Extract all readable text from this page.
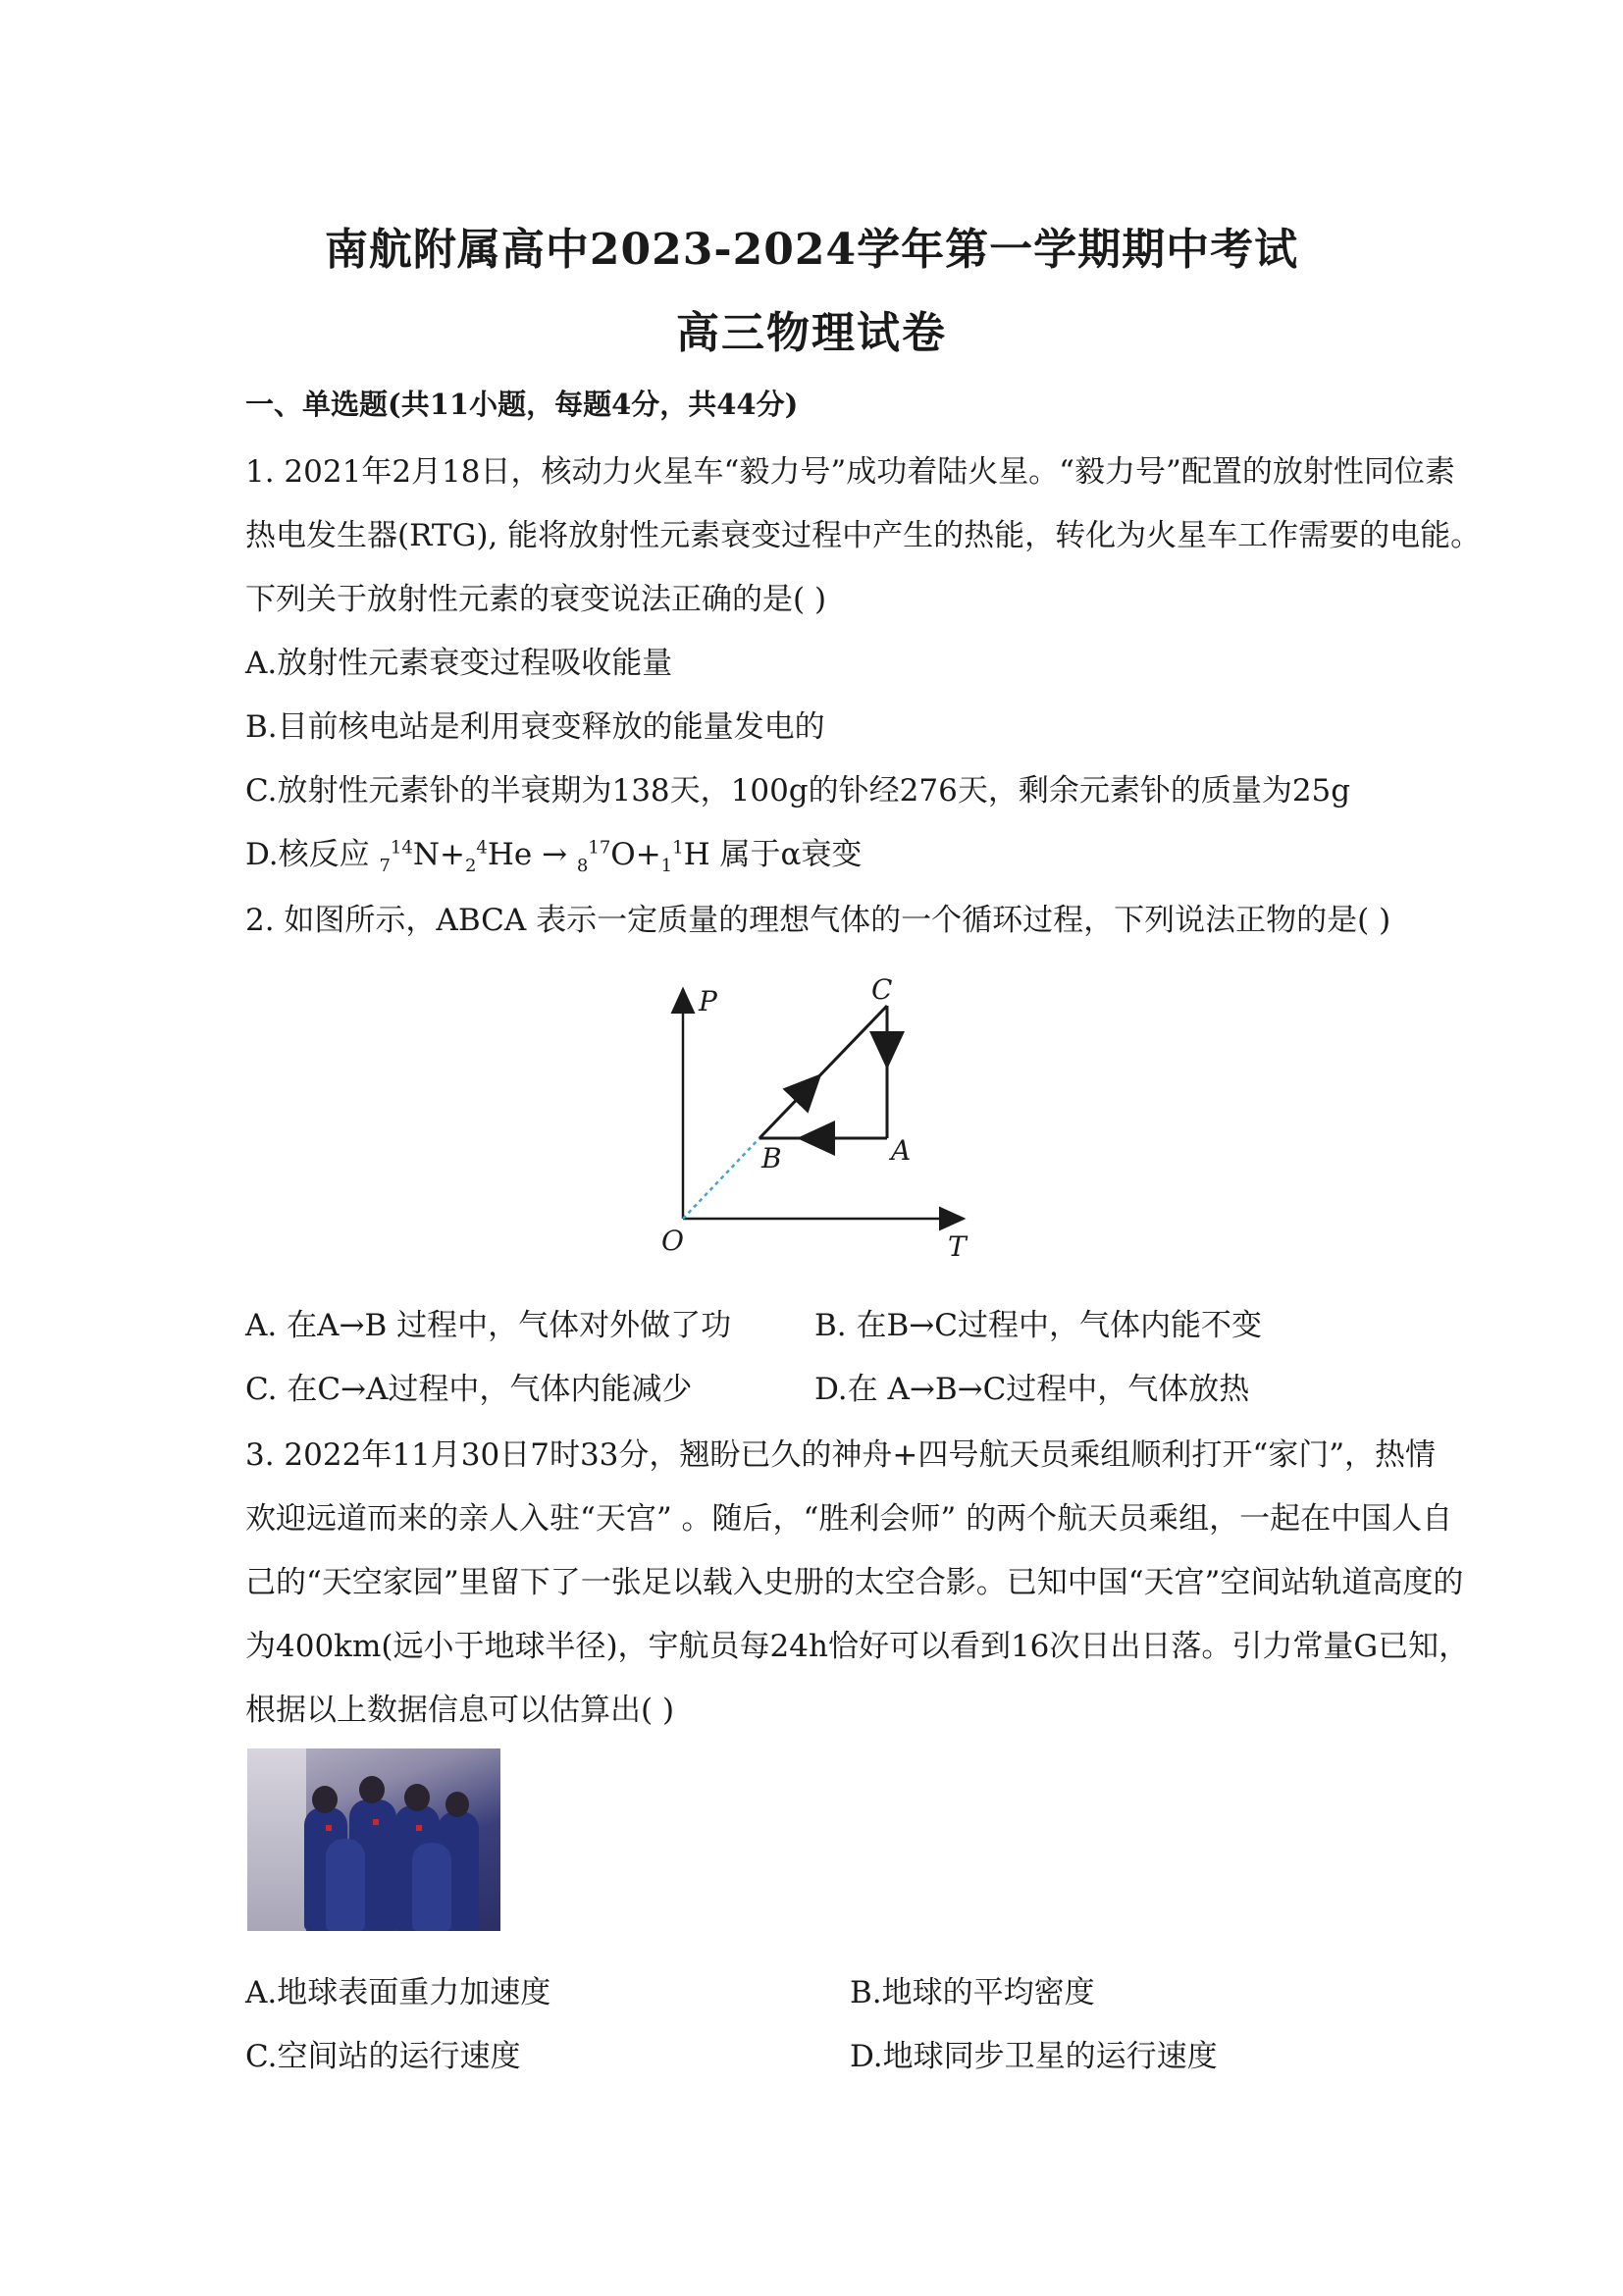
南航附属高中2023-2024学年第一学期期中考试
高三物理试卷
一、单选题(共11小题，每题4分，共44分)
1. 2021年2月18日，核动力火星车“毅力号”成功着陆火星。“毅力号”配置的放射性同位素
热电发生器(RTG), 能将放射性元素衰变过程中产生的热能，转化为火星车工作需要的电能。
下列关于放射性元素的衰变说法正确的是( )
A.放射性元素衰变过程吸收能量
B.目前核电站是利用衰变释放的能量发电的
C.放射性元素钋的半衰期为138天，100g的钋经276天，剩余元素钋的质量为25g
D.核反应 $_7^{14}N+_2^4He \to _8^{17}O+_1^1H$ 属于α衰变
2. 如图所示，ABCA 表示一定质量的理想气体的一个循环过程，下列说法正物的是( )
P
T
O
C
A
B
A. 在A→B 过程中，气体对外做了功	B. 在B→C过程中，气体内能不变
C. 在C→A过程中，气体内能减少	D.在 A→B→C过程中，气体放热
3. 2022年11月30日7时33分，翘盼已久的神舟+四号航天员乘组顺利打开“家门”，热情
欢迎远道而来的亲人入驻“天宫” 。随后，“胜利会师” 的两个航天员乘组，一起在中国人自
己的“天空家园”里留下了一张足以载入史册的太空合影。已知中国“天宫”空间站轨道高度的
为400km(远小于地球半径)，宇航员每24h恰好可以看到16次日出日落。引力常量G已知，
根据以上数据信息可以估算出( )
A.地球表面重力加速度	B.地球的平均密度
C.空间站的运行速度	D.地球同步卫星的运行速度
